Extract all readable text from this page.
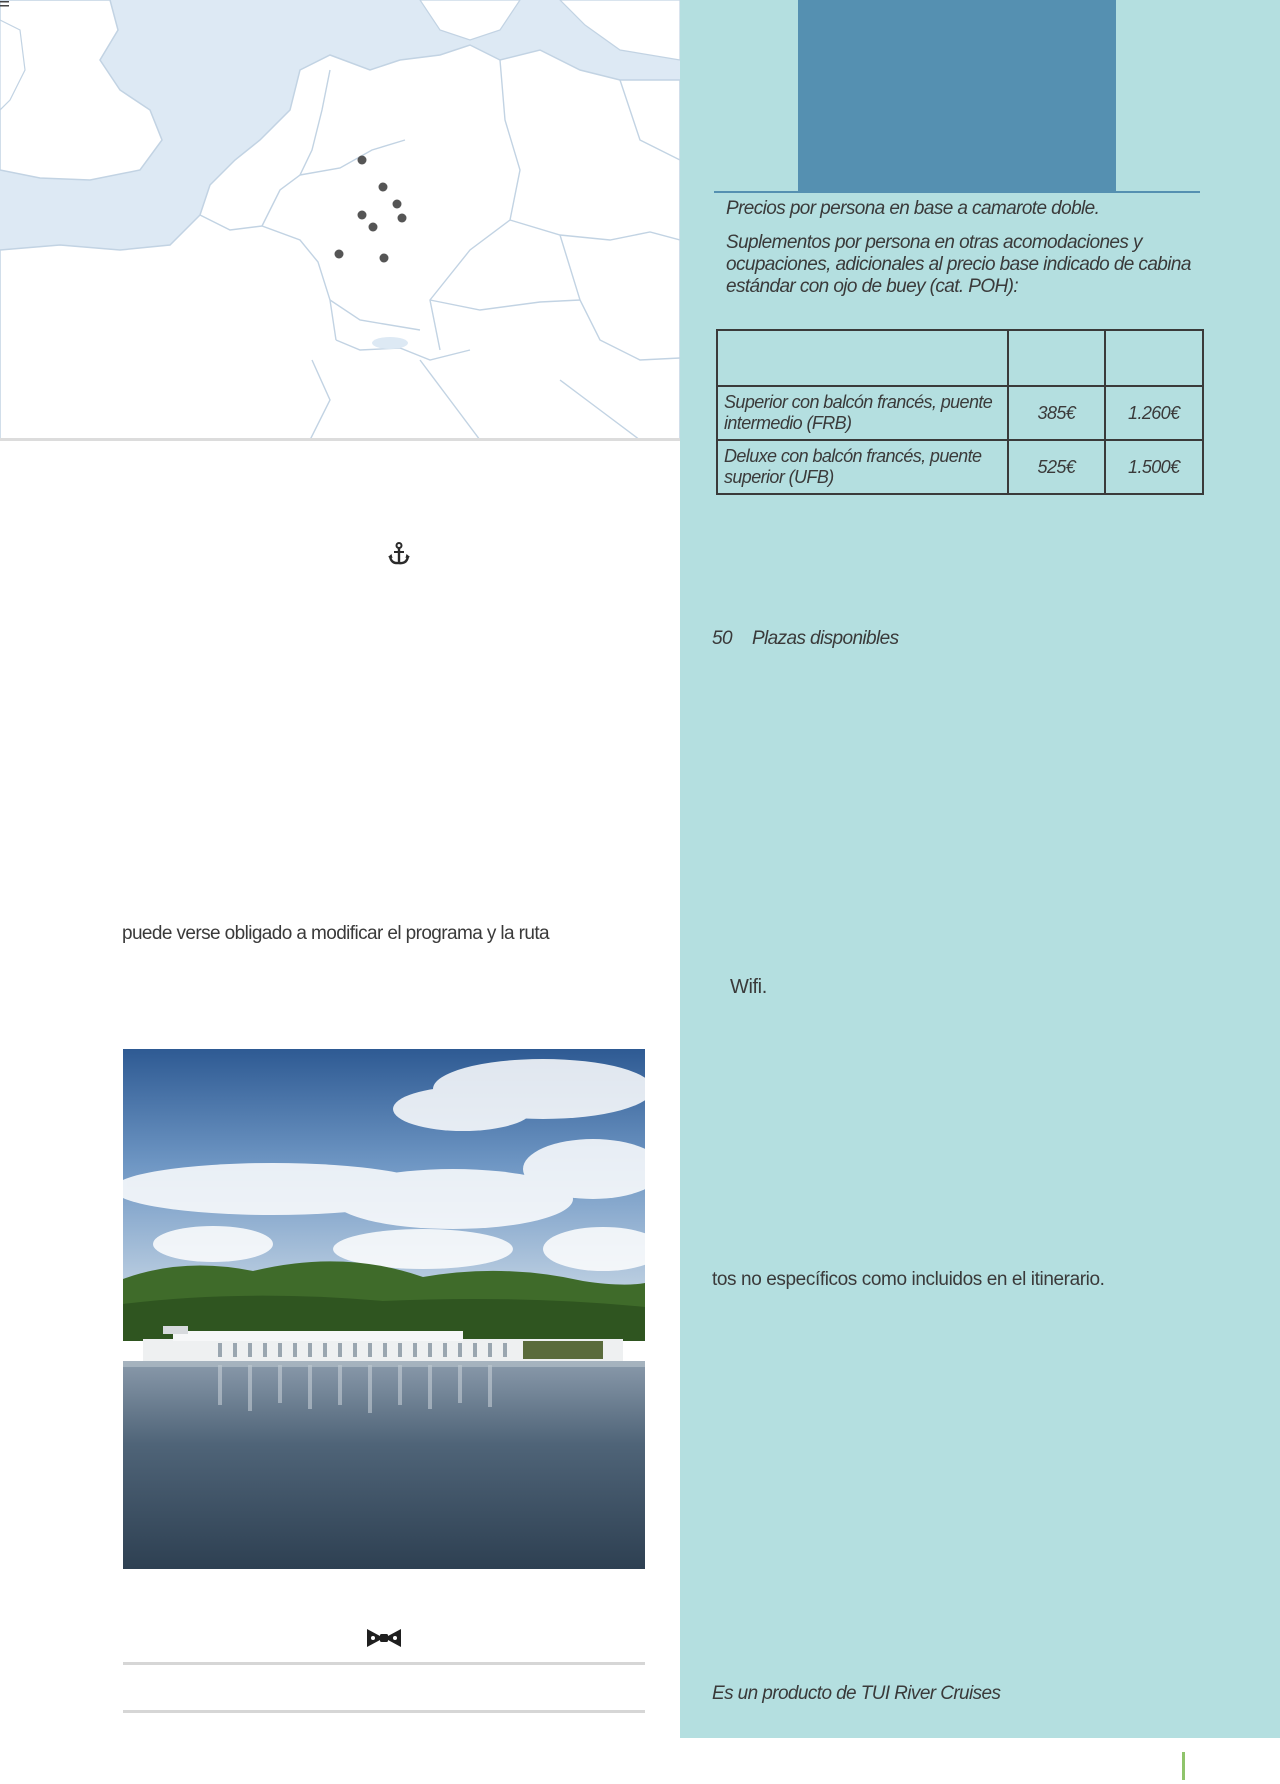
Precios por persona en base a camarote doble.
Suplementos por persona en otras acomodaciones y ocupaciones, adicionales al precio base indicado de cabina estándar con ojo de buey (cat. POH):

Superior con balcón francés, puente intermedio (FRB)	385€	1.260€
Deluxe con balcón francés, puente superior (UFB)	525€	1.500€
50 Plazas disponibles
Wifi.
tos no específicos como incluidos en el itinerario.
Es un producto de TUI River Cruises
puede verse obligado a modificar el programa y la ruta
